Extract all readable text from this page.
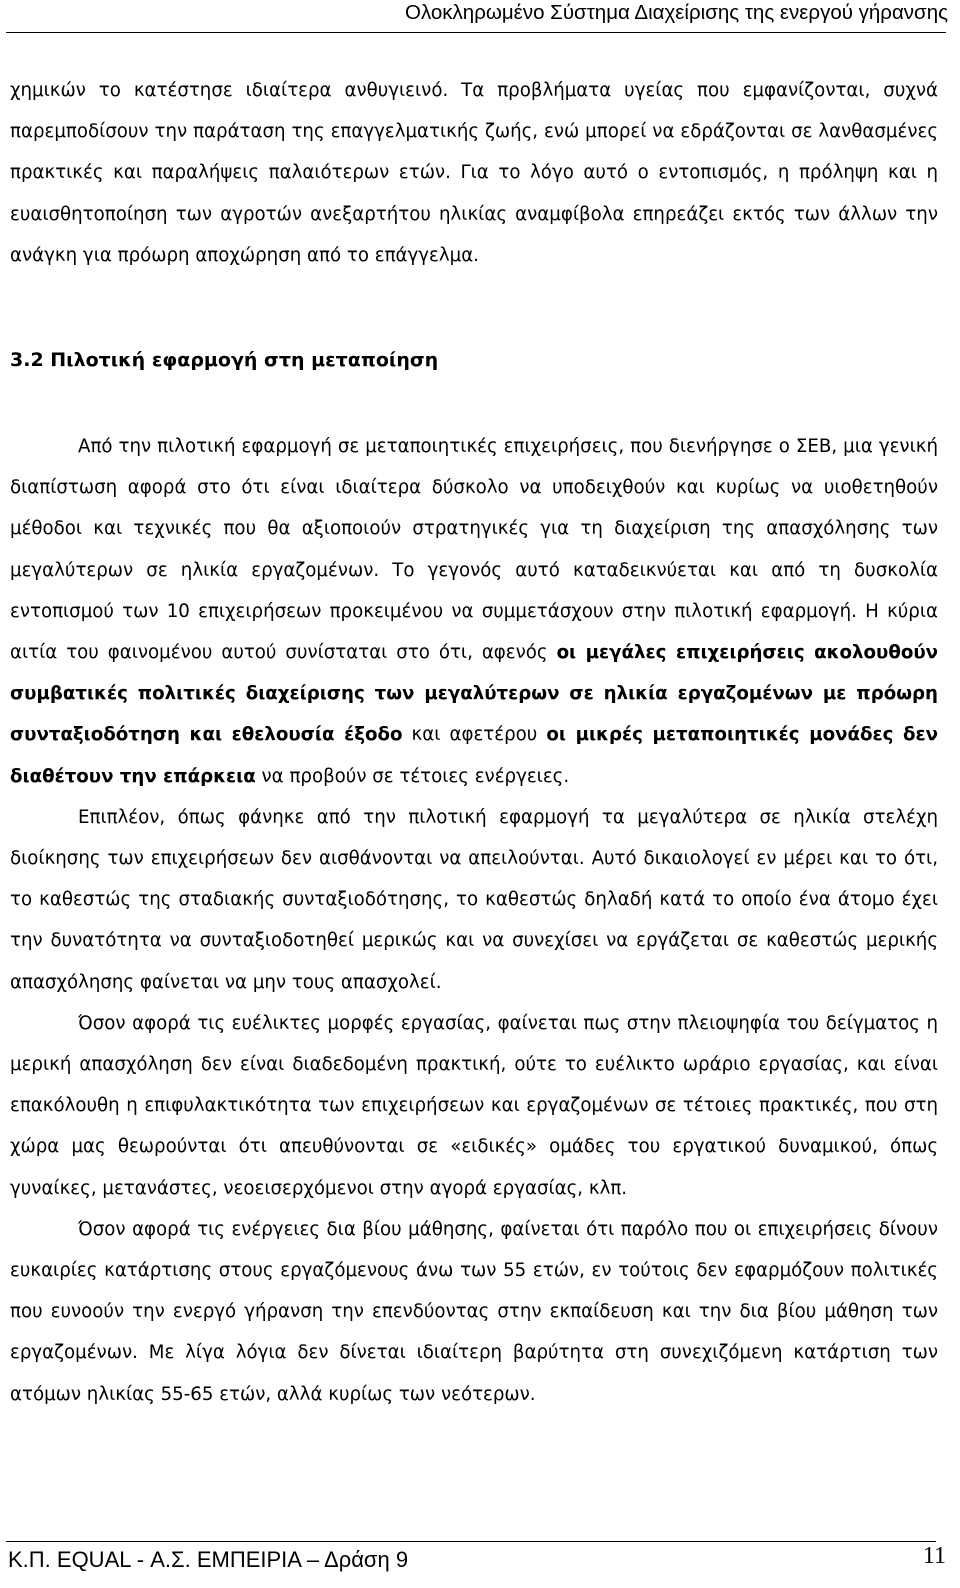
Ολοκληρωμένο Σύστημα Διαχείρισης της ενεργού γήρανσης

χημικών το κατέστησε ιδιαίτερα ανθυγιεινό. Τα προβλήματα υγείας που εμφανίζονται, συχνά παρεμποδίσουν την παράταση της επαγγελματικής ζωής, ενώ μπορεί να εδράζονται σε λανθασμένες πρακτικές και παραλήψεις παλαιότερων ετών. Για το λόγο αυτό ο εντοπισμός, η πρόληψη και η ευαισθητοποίηση των αγροτών ανεξαρτήτου ηλικίας αναμφίβολα επηρεάζει εκτός των άλλων την ανάγκη για πρόωρη αποχώρηση από το επάγγελμα.

3.2 Πιλοτική εφαρμογή στη μεταποίηση

Από την πιλοτική εφαρμογή σε μεταποιητικές επιχειρήσεις, που διενήργησε ο ΣΕΒ, μια γενική διαπίστωση αφορά στο ότι είναι ιδιαίτερα δύσκολο να υποδειχθούν και κυρίως να υιοθετηθούν μέθοδοι και τεχνικές που θα αξιοποιούν στρατηγικές για τη διαχείριση της απασχόλησης των μεγαλύτερων σε ηλικία εργαζομένων. Το γεγονός αυτό καταδεικνύεται και από τη δυσκολία εντοπισμού των 10 επιχειρήσεων προκειμένου να συμμετάσχουν στην πιλοτική εφαρμογή. Η κύρια αιτία του φαινομένου αυτού συνίσταται στο ότι, αφενός οι μεγάλες επιχειρήσεις ακολουθούν συμβατικές πολιτικές διαχείρισης των μεγαλύτερων σε ηλικία εργαζομένων με πρόωρη συνταξιοδότηση και εθελουσία έξοδο και αφετέρου οι μικρές μεταποιητικές μονάδες δεν διαθέτουν την επάρκεια να προβούν σε τέτοιες ενέργειες.

Επιπλέον, όπως φάνηκε από την πιλοτική εφαρμογή τα μεγαλύτερα σε ηλικία στελέχη διοίκησης των επιχειρήσεων δεν αισθάνονται να απειλούνται. Αυτό δικαιολογεί εν μέρει και το ότι, το καθεστώς της σταδιακής συνταξιοδότησης, το καθεστώς δηλαδή κατά το οποίο ένα άτομο έχει την δυνατότητα να συνταξιοδοτηθεί μερικώς και να συνεχίσει να εργάζεται σε καθεστώς μερικής απασχόλησης φαίνεται να μην τους απασχολεί.

Όσον αφορά τις ευέλικτες μορφές εργασίας, φαίνεται πως στην πλειοψηφία του δείγματος η μερική απασχόληση δεν είναι διαδεδομένη πρακτική, ούτε το ευέλικτο ωράριο εργασίας, και είναι επακόλουθη η επιφυλακτικότητα των επιχειρήσεων και εργαζομένων σε τέτοιες πρακτικές, που στη χώρα μας θεωρούνται ότι απευθύνονται σε «ειδικές» ομάδες του εργατικού δυναμικού, όπως γυναίκες, μετανάστες, νεοεισερχόμενοι στην αγορά εργασίας, κλπ.

Όσον αφορά τις ενέργειες δια βίου μάθησης, φαίνεται ότι παρόλο που οι επιχειρήσεις δίνουν ευκαιρίες κατάρτισης στους εργαζόμενους άνω των 55 ετών, εν τούτοις δεν εφαρμόζουν πολιτικές που ευνοούν την ενεργό γήρανση την επενδύοντας στην εκπαίδευση και την δια βίου μάθηση των εργαζομένων. Με λίγα λόγια δεν δίνεται ιδιαίτερη βαρύτητα στη συνεχιζόμενη κατάρτιση των ατόμων ηλικίας 55-65 ετών, αλλά κυρίως των νεότερων.

Κ.Π. EQUAL - Α.Σ. ΕΜΠΕΙΡΙΑ – Δράση 9	11
